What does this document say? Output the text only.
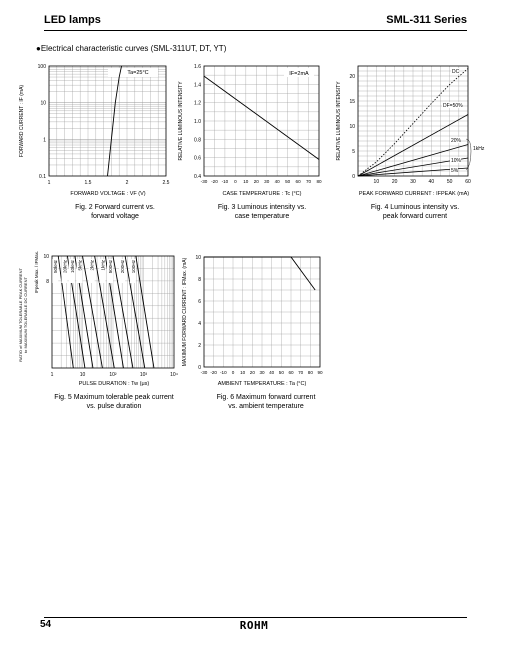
LED lamps	SML-311 Series
●Electrical characteristic curves (SML-311UT, DT, YT)
100
10
1
0.1
1	1.5	2	2.5
Ta=25°C
FORWARD CURRENT : IF (mA)
FORWARD VOLTAGE : VF (V)
1.6
1.4
1.2
1.0
0.8
0.6
0.4
-30 -20 -10 0 10 20 30 40 50 60 70 80
IF=2mA
RELATIVE LUMINOUS INTENSITY
CASE TEMPERATURE : Tc (°C)
20
15
10
5
0
10	20	30	40	50	60
DC
DF=50%
20%
10%
5%
1kHz
RELATIVE LUMINOUS INTENSITY
PEAK FORWARD CURRENT : IFPEAK (mA)
Fig. 2 Forward current vs.
forward voltage
Fig. 3 Luminous intensity vs.
case temperature
Fig. 4 Luminous intensity vs.
peak forward current
10
8
1	10	10²	10³	10⁴
50kHz 20kHz 10kHz 5kHz 2kHz 1kHz 500Hz 200Hz 100Hz
RATIO of MAXIMUM TOLERABLE PEAK CURRENT to MAXIMUM TOLERABLE DC CURRENT
IFpeak Max. / IFMax.
PULSE DURATION : Tw (μs)
10
8
6
4
2
0
-30 -20 -10 0 10 20 30 40 50 60 70 80 90
MAXIMUM FORWARD CURRENT : IFMax. (mA)
AMBIENT TEMPERATURE : Ta (°C)
Fig. 5 Maximum tolerable peak current
vs. pulse duration
Fig. 6 Maximum forward current
vs. ambient temperature
54	ROHM
